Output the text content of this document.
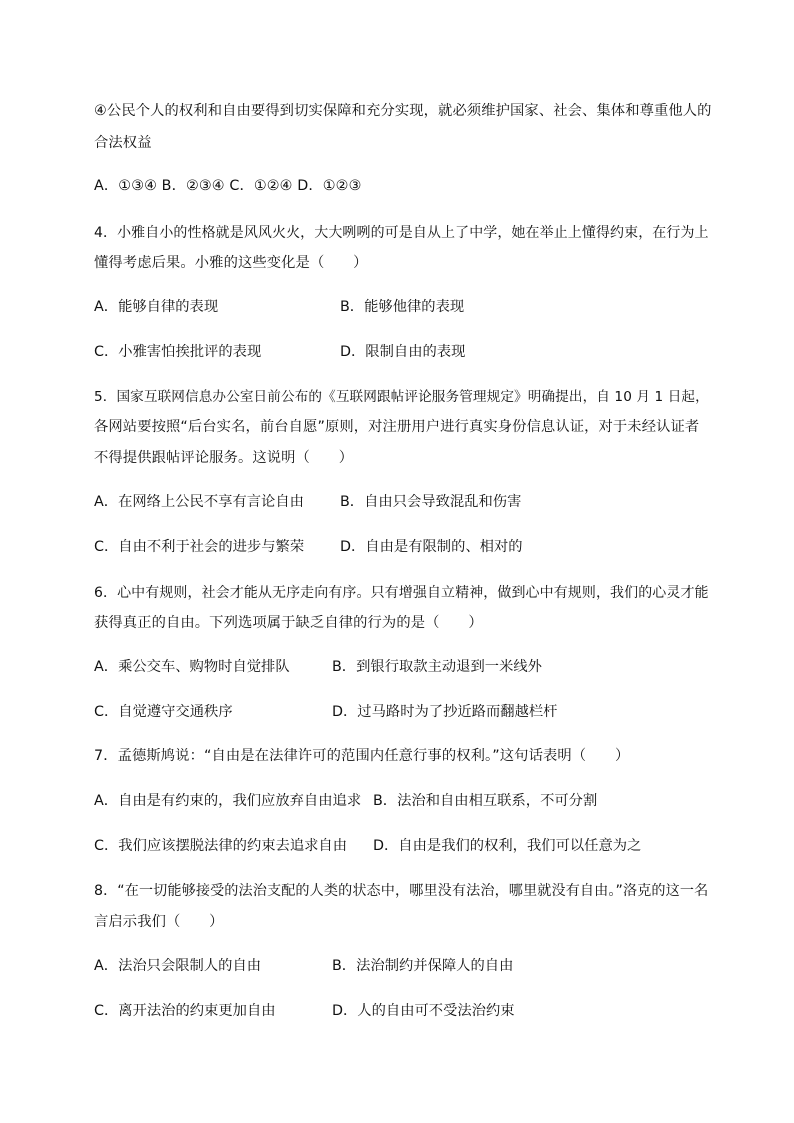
④公民个人的权利和自由要得到切实保障和充分实现，就必须维护国家、社会、集体和尊重他人的
合法权益
A．①③④ B．②③④ C．①②④ D．①②③
4．小雅自小的性格就是风风火火，大大咧咧的可是自从上了中学，她在举止上懂得约束，在行为上
懂得考虑后果。小雅的这些变化是（　　）
A．能够自律的表现	B．能够他律的表现
C．小雅害怕挨批评的表现	D．限制自由的表现
5．国家互联网信息办公室日前公布的《互联网跟帖评论服务管理规定》明确提出，自 10 月 1 日起，
各网站要按照“后台实名，前台自愿”原则，对注册用户进行真实身份信息认证，对于未经认证者
不得提供跟帖评论服务。这说明（　　）
A．在网络上公民不享有言论自由	B．自由只会导致混乱和伤害
C．自由不利于社会的进步与繁荣	D．自由是有限制的、相对的
6．心中有规则，社会才能从无序走向有序。只有增强自立精神，做到心中有规则，我们的心灵才能
获得真正的自由。下列选项属于缺乏自律的行为的是（　　）
A．乘公交车、购物时自觉排队	B．到银行取款主动退到一米线外
C．自觉遵守交通秩序	D．过马路时为了抄近路而翻越栏杆
7．孟德斯鸠说：“自由是在法律许可的范围内任意行事的权利。”这句话表明（　　）
A．自由是有约束的，我们应放弃自由追求 B．法治和自由相互联系，不可分割
C．我们应该摆脱法律的约束去追求自由 D．自由是我们的权利，我们可以任意为之
8．“在一切能够接受的法治支配的人类的状态中，哪里没有法治，哪里就没有自由。”洛克的这一名
言启示我们（　　）
A．法治只会限制人的自由	B．法治制约并保障人的自由
C．离开法治的约束更加自由	D．人的自由可不受法治约束
